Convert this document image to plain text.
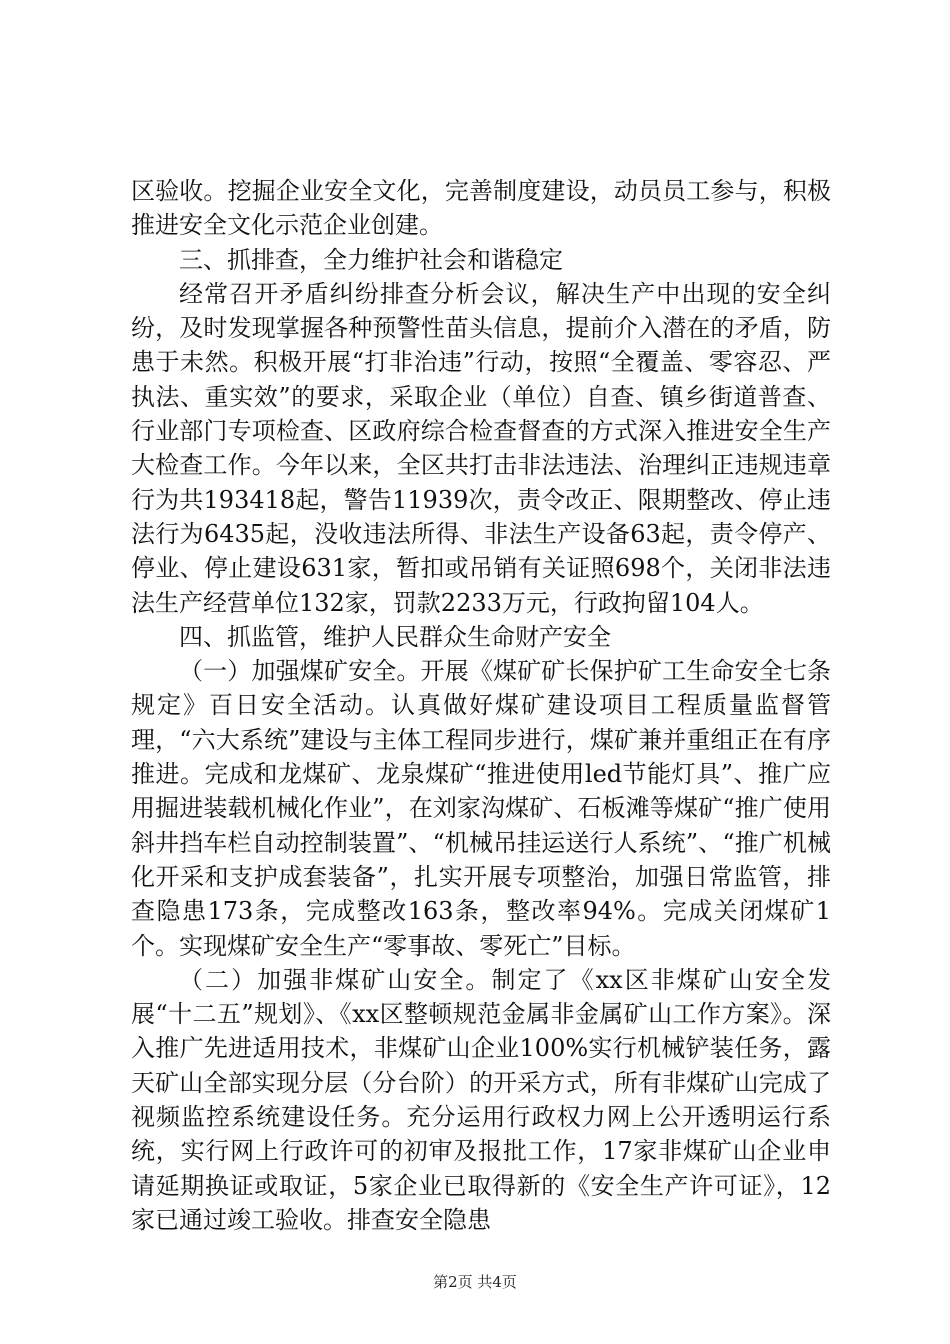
区验收。挖掘企业安全文化，完善制度建设，动员员工参与，积极推进安全文化示范企业创建。

三、抓排查，全力维护社会和谐稳定

经常召开矛盾纠纷排查分析会议，解决生产中出现的安全纠纷，及时发现掌握各种预警性苗头信息，提前介入潜在的矛盾，防患于未然。积极开展“打非治违”行动，按照“全覆盖、零容忍、严执法、重实效”的要求，采取企业（单位）自查、镇乡街道普查、行业部门专项检查、区政府综合检查督查的方式深入推进安全生产大检查工作。今年以来，全区共打击非法违法、治理纠正违规违章行为共193418起，警告11939次，责令改正、限期整改、停止违法行为6435起，没收违法所得、非法生产设备63起，责令停产、停业、停止建设631家，暂扣或吊销有关证照698个，关闭非法违法生产经营单位132家，罚款2233万元，行政拘留104人。

四、抓监管，维护人民群众生命财产安全

（一）加强煤矿安全。开展《煤矿矿长保护矿工生命安全七条规定》百日安全活动。认真做好煤矿建设项目工程质量监督管理，“六大系统”建设与主体工程同步进行，煤矿兼并重组正在有序推进。完成和龙煤矿、龙泉煤矿“推进使用led节能灯具”、推广应用掘进装载机械化作业”，在刘家沟煤矿、石板滩等煤矿“推广使用斜井挡车栏自动控制装置”、“机械吊挂运送行人系统”、“推广机械化开采和支护成套装备”，扎实开展专项整治，加强日常监管，排查隐患173条，完成整改163条，整改率94%。完成关闭煤矿1个。实现煤矿安全生产“零事故、零死亡”目标。

（二）加强非煤矿山安全。制定了《xx区非煤矿山安全发展“十二五”规划》、《xx区整顿规范金属非金属矿山工作方案》。深入推广先进适用技术，非煤矿山企业100%实行机械铲装任务，露天矿山全部实现分层（分台阶）的开采方式，所有非煤矿山完成了视频监控系统建设任务。充分运用行政权力网上公开透明运行系统，实行网上行政许可的初审及报批工作，17家非煤矿山企业申请延期换证或取证，5家企业已取得新的《安全生产许可证》，12家已通过竣工验收。排查安全隐患

第2页 共4页
